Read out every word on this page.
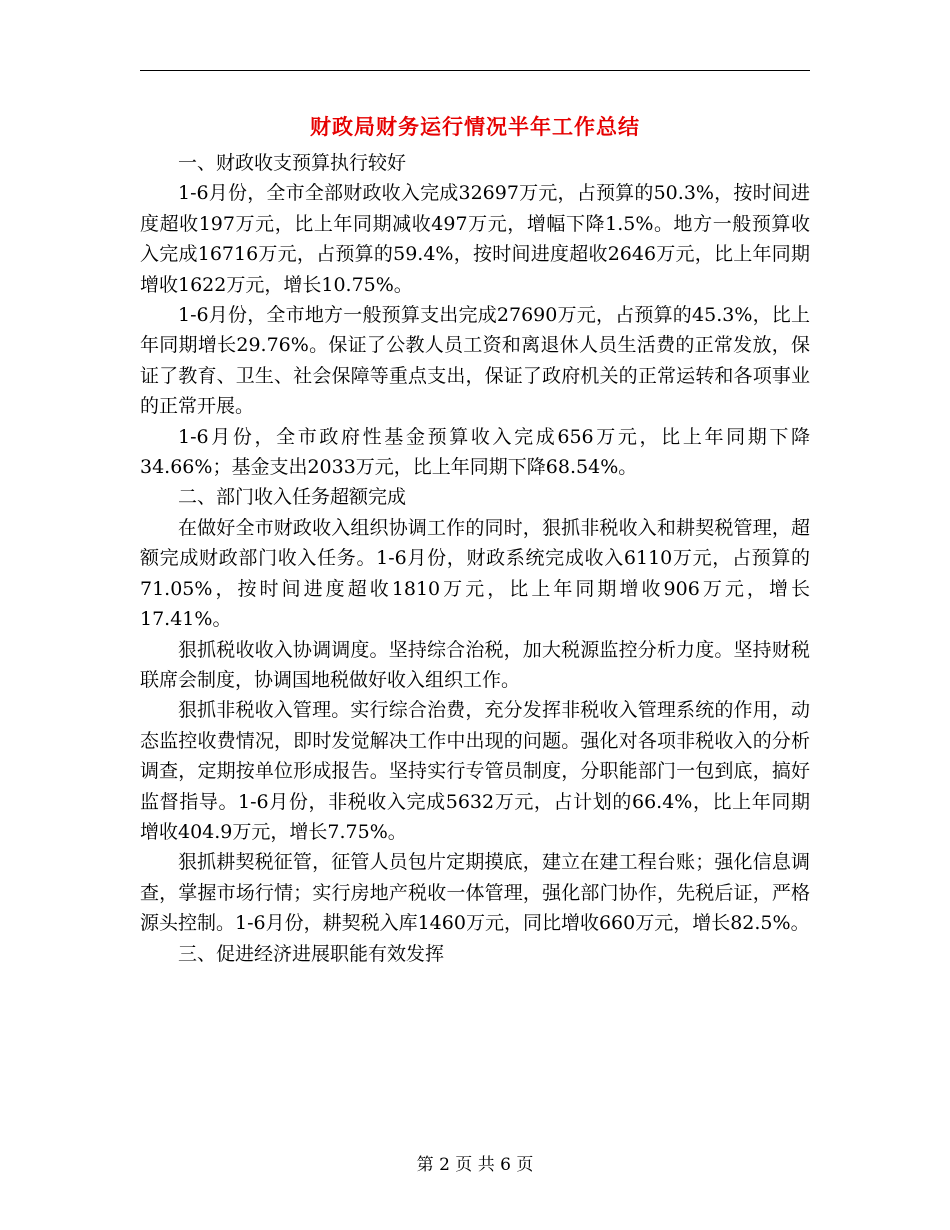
财政局财务运行情况半年工作总结

一、财政收支预算执行较好

1-6月份，全市全部财政收入完成32697万元，占预算的50.3%，按时间进度超收197万元，比上年同期减收497万元，增幅下降1.5%。地方一般预算收入完成16716万元，占预算的59.4%，按时间进度超收2646万元，比上年同期增收1622万元，增长10.75%。

1-6月份，全市地方一般预算支出完成27690万元，占预算的45.3%，比上年同期增长29.76%。保证了公教人员工资和离退休人员生活费的正常发放，保证了教育、卫生、社会保障等重点支出，保证了政府机关的正常运转和各项事业的正常开展。

1-6月份，全市政府性基金预算收入完成656万元，比上年同期下降34.66%；基金支出2033万元，比上年同期下降68.54%。

二、部门收入任务超额完成

在做好全市财政收入组织协调工作的同时，狠抓非税收入和耕契税管理，超额完成财政部门收入任务。1-6月份，财政系统完成收入6110万元，占预算的71.05%，按时间进度超收1810万元，比上年同期增收906万元，增长17.41%。

狠抓税收收入协调调度。坚持综合治税，加大税源监控分析力度。坚持财税联席会制度，协调国地税做好收入组织工作。

狠抓非税收入管理。实行综合治费，充分发挥非税收入管理系统的作用，动态监控收费情况，即时发觉解决工作中出现的问题。强化对各项非税收入的分析调查，定期按单位形成报告。坚持实行专管员制度，分职能部门一包到底，搞好监督指导。1-6月份，非税收入完成5632万元，占计划的66.4%，比上年同期增收404.9万元，增长7.75%。

狠抓耕契税征管，征管人员包片定期摸底，建立在建工程台账；强化信息调查，掌握市场行情；实行房地产税收一体管理，强化部门协作，先税后证，严格源头控制。1-6月份，耕契税入库1460万元，同比增收660万元，增长82.5%。

三、促进经济进展职能有效发挥

第 2 页 共 6 页
